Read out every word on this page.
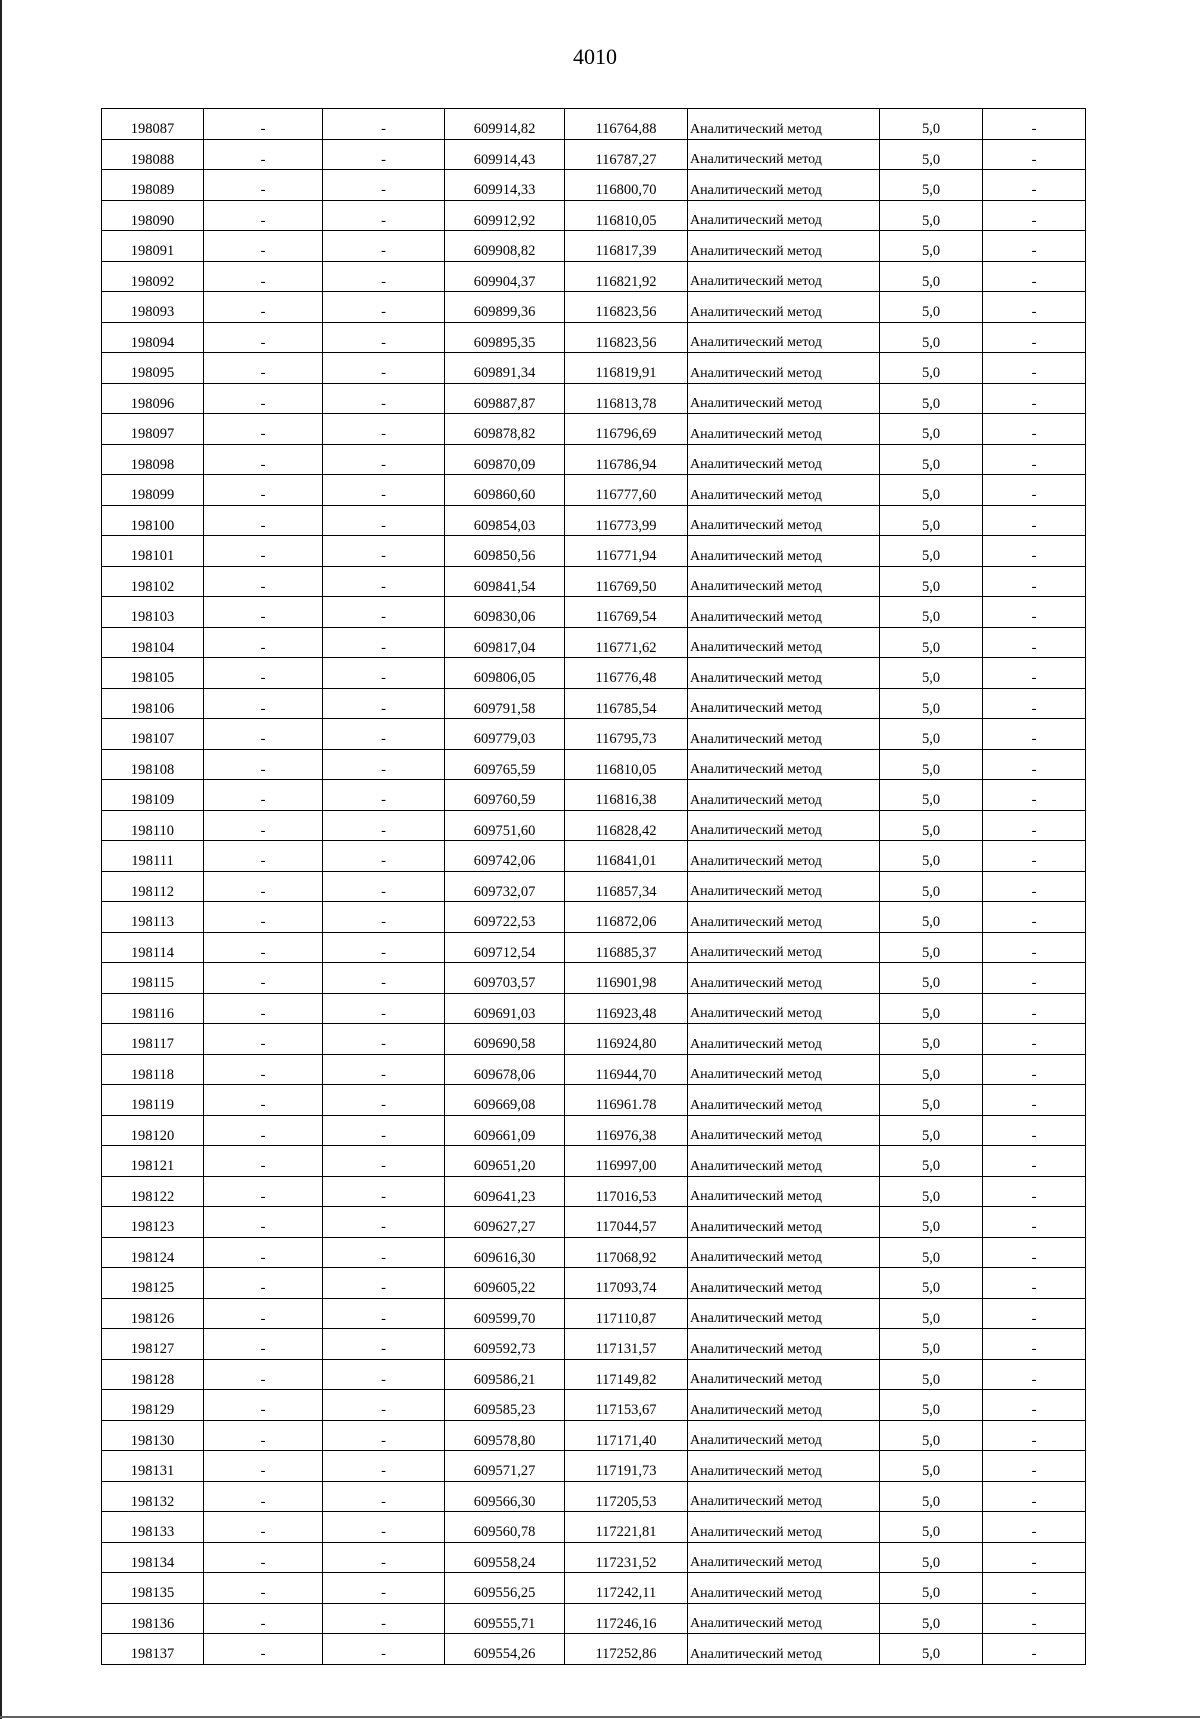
4010
198087	-	-	609914,82	116764,88	Аналитический метод	5,0	-
198088	-	-	609914,43	116787,27	Аналитический метод	5,0	-
198089	-	-	609914,33	116800,70	Аналитический метод	5,0	-
198090	-	-	609912,92	116810,05	Аналитический метод	5,0	-
198091	-	-	609908,82	116817,39	Аналитический метод	5,0	-
198092	-	-	609904,37	116821,92	Аналитический метод	5,0	-
198093	-	-	609899,36	116823,56	Аналитический метод	5,0	-
198094	-	-	609895,35	116823,56	Аналитический метод	5,0	-
198095	-	-	609891,34	116819,91	Аналитический метод	5,0	-
198096	-	-	609887,87	116813,78	Аналитический метод	5,0	-
198097	-	-	609878,82	116796,69	Аналитический метод	5,0	-
198098	-	-	609870,09	116786,94	Аналитический метод	5,0	-
198099	-	-	609860,60	116777,60	Аналитический метод	5,0	-
198100	-	-	609854,03	116773,99	Аналитический метод	5,0	-
198101	-	-	609850,56	116771,94	Аналитический метод	5,0	-
198102	-	-	609841,54	116769,50	Аналитический метод	5,0	-
198103	-	-	609830,06	116769,54	Аналитический метод	5,0	-
198104	-	-	609817,04	116771,62	Аналитический метод	5,0	-
198105	-	-	609806,05	116776,48	Аналитический метод	5,0	-
198106	-	-	609791,58	116785,54	Аналитический метод	5,0	-
198107	-	-	609779,03	116795,73	Аналитический метод	5,0	-
198108	-	-	609765,59	116810,05	Аналитический метод	5,0	-
198109	-	-	609760,59	116816,38	Аналитический метод	5,0	-
198110	-	-	609751,60	116828,42	Аналитический метод	5,0	-
198111	-	-	609742,06	116841,01	Аналитический метод	5,0	-
198112	-	-	609732,07	116857,34	Аналитический метод	5,0	-
198113	-	-	609722,53	116872,06	Аналитический метод	5,0	-
198114	-	-	609712,54	116885,37	Аналитический метод	5,0	-
198115	-	-	609703,57	116901,98	Аналитический метод	5,0	-
198116	-	-	609691,03	116923,48	Аналитический метод	5,0	-
198117	-	-	609690,58	116924,80	Аналитический метод	5,0	-
198118	-	-	609678,06	116944,70	Аналитический метод	5,0	-
198119	-	-	609669,08	116961.78	Аналитический метод	5,0	-
198120	-	-	609661,09	116976,38	Аналитический метод	5,0	-
198121	-	-	609651,20	116997,00	Аналитический метод	5,0	-
198122	-	-	609641,23	117016,53	Аналитический метод	5,0	-
198123	-	-	609627,27	117044,57	Аналитический метод	5,0	-
198124	-	-	609616,30	117068,92	Аналитический метод	5,0	-
198125	-	-	609605,22	117093,74	Аналитический метод	5,0	-
198126	-	-	609599,70	117110,87	Аналитический метод	5,0	-
198127	-	-	609592,73	117131,57	Аналитический метод	5,0	-
198128	-	-	609586,21	117149,82	Аналитический метод	5,0	-
198129	-	-	609585,23	117153,67	Аналитический метод	5,0	-
198130	-	-	609578,80	117171,40	Аналитический метод	5,0	-
198131	-	-	609571,27	117191,73	Аналитический метод	5,0	-
198132	-	-	609566,30	117205,53	Аналитический метод	5,0	-
198133	-	-	609560,78	117221,81	Аналитический метод	5,0	-
198134	-	-	609558,24	117231,52	Аналитический метод	5,0	-
198135	-	-	609556,25	117242,11	Аналитический метод	5,0	-
198136	-	-	609555,71	117246,16	Аналитический метод	5,0	-
198137	-	-	609554,26	117252,86	Аналитический метод	5,0	-
